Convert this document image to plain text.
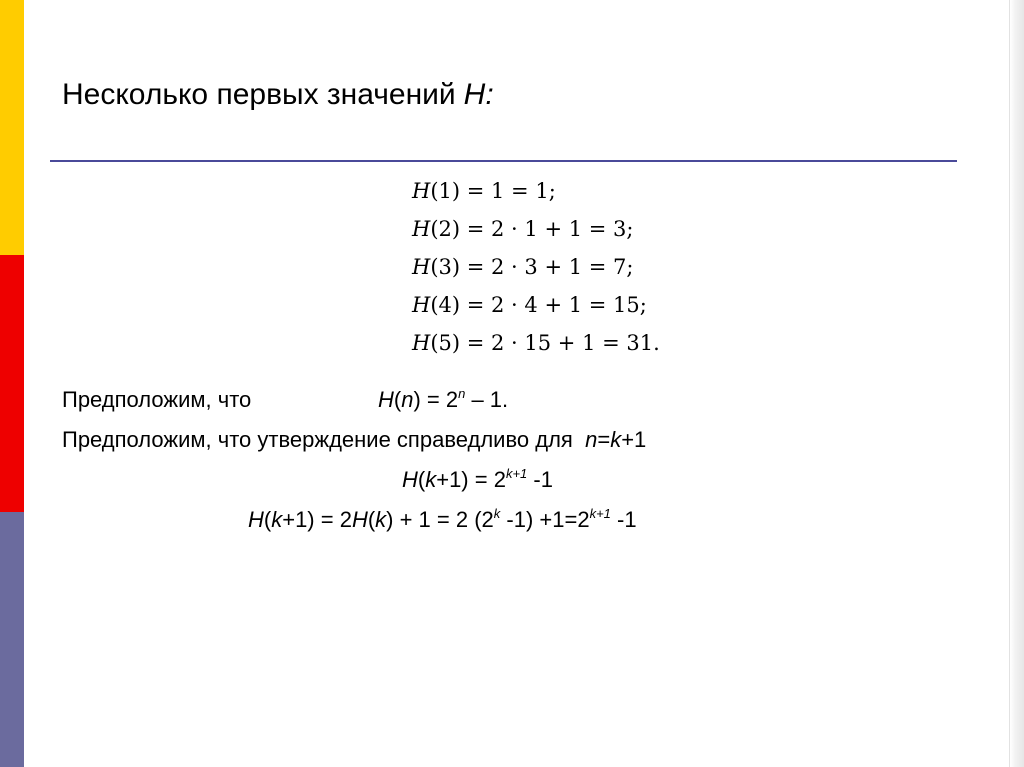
Несколько первых значений H:
H(1) = 1 = 1;
H(2) = 2 · 1 + 1 = 3;
H(3) = 2 · 3 + 1 = 7;
H(4) = 2 · 4 + 1 = 15;
H(5) = 2 · 15 + 1 = 31.
Предположим, что	$H(n) = 2^n - 1$.
Предположим, что утверждение справедливо для n=k+1
$H(k+1) = 2^{k+1}$ -1
H(k+1) = 2H(k) + 1 = 2 (2$^k$ $-1) +1=2^{k+1}$ -1
